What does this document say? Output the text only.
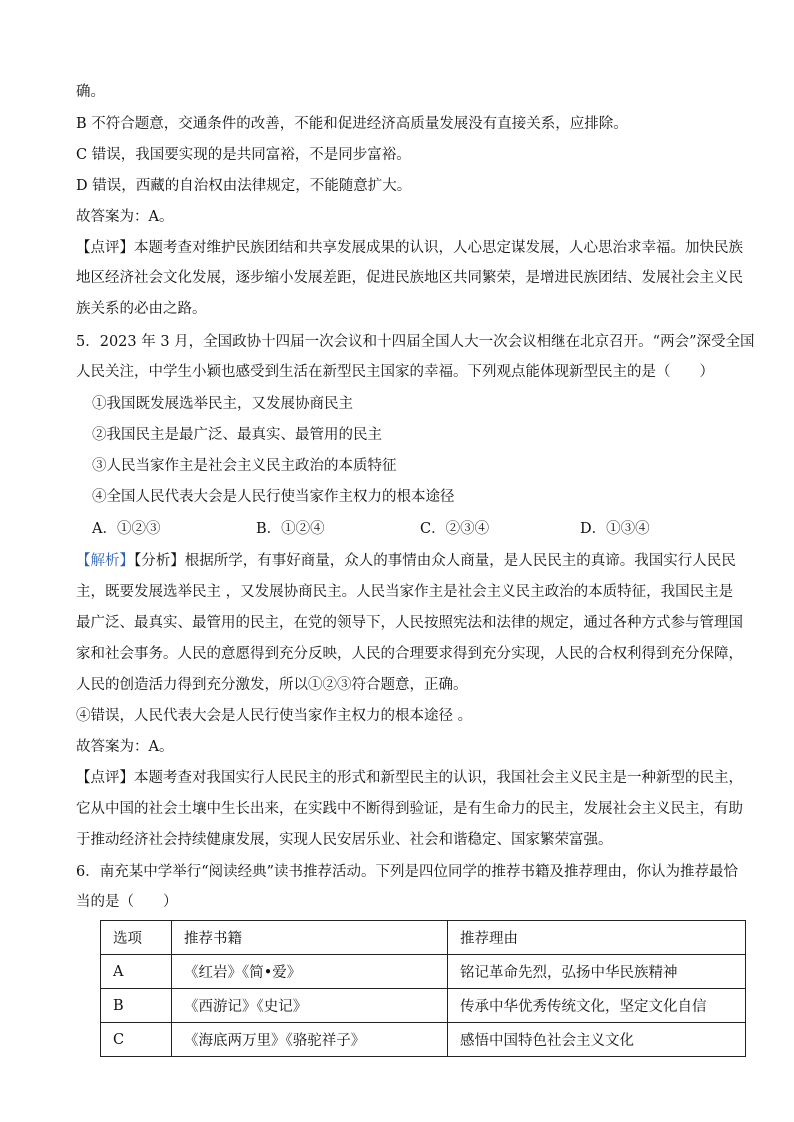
确。
B 不符合题意，交通条件的改善，不能和促进经济高质量发展没有直接关系，应排除。
C 错误，我国要实现的是共同富裕，不是同步富裕。
D 错误，西藏的自治权由法律规定，不能随意扩大。
故答案为：A。
【点评】本题考查对维护民族团结和共享发展成果的认识，人心思定谋发展，人心思治求幸福。加快民族
地区经济社会文化发展，逐步缩小发展差距，促进民族地区共同繁荣，是增进民族团结、发展社会主义民
族关系的必由之路。
5．2023 年 3 月，全国政协十四届一次会议和十四届全国人大一次会议相继在北京召开。“两会”深受全国
人民关注，中学生小颖也感受到生活在新型民主国家的幸福。下列观点能体现新型民主的是（　　）
①我国既发展选举民主，又发展协商民主
②我国民主是最广泛、最真实、最管用的民主
③人民当家作主是社会主义民主政治的本质特征
④全国人民代表大会是人民行使当家作主权力的根本途径
A．①②③	B．①②④	C．②③④	D．①③④
【解析】【分析】根据所学，有事好商量，众人的事情由众人商量，是人民民主的真谛。我国实行人民民
主，既要发展选举民主 ，又发展协商民主。人民当家作主是社会主义民主政治的本质特征，我国民主是
最广泛、最真实、最管用的民主，在党的领导下，人民按照宪法和法律的规定，通过各种方式参与管理国
家和社会事务。人民的意愿得到充分反映，人民的合理要求得到充分实现，人民的合权利得到充分保障，
人民的创造活力得到充分激发，所以①②③符合题意，正确。
④错误，人民代表大会是人民行使当家作主权力的根本途径 。
故答案为：A。
【点评】本题考查对我国实行人民民主的形式和新型民主的认识，我国社会主义民主是一种新型的民主，
它从中国的社会土壤中生长出来，在实践中不断得到验证，是有生命力的民主，发展社会主义民主，有助
于推动经济社会持续健康发展，实现人民安居乐业、社会和谐稳定、国家繁荣富强。
6．南充某中学举行“阅读经典”读书推荐活动。下列是四位同学的推荐书籍及推荐理由，你认为推荐最恰
当的是（　　）
选项	推荐书籍	推荐理由
A	《红岩》《简•爱》	铭记革命先烈，弘扬中华民族精神
B	《西游记》《史记》	传承中华优秀传统文化，坚定文化自信
C	《海底两万里》《骆驼祥子》	感悟中国特色社会主义文化
